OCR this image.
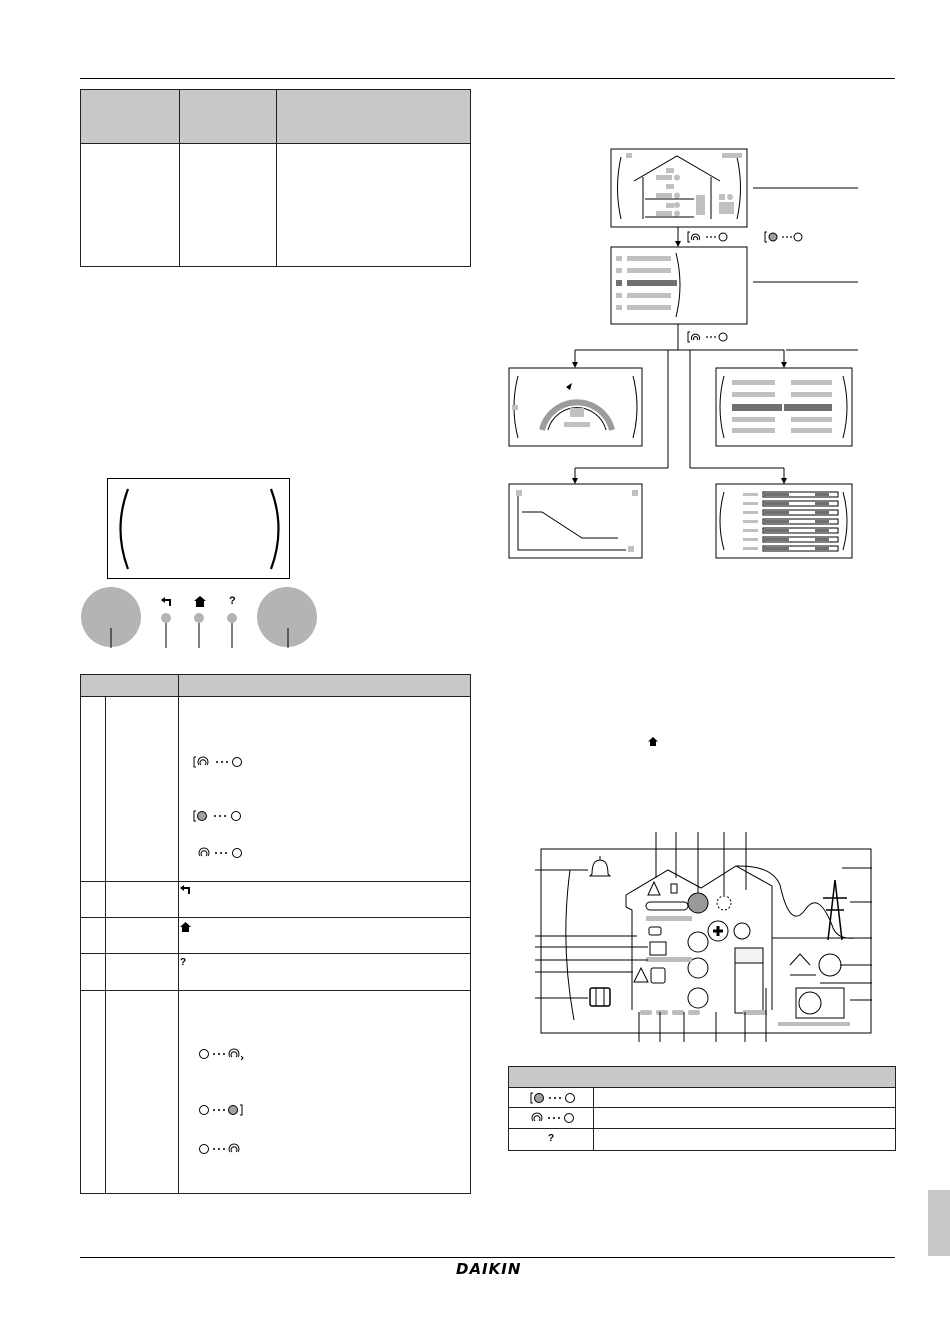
?
?
?
DAIKIN
